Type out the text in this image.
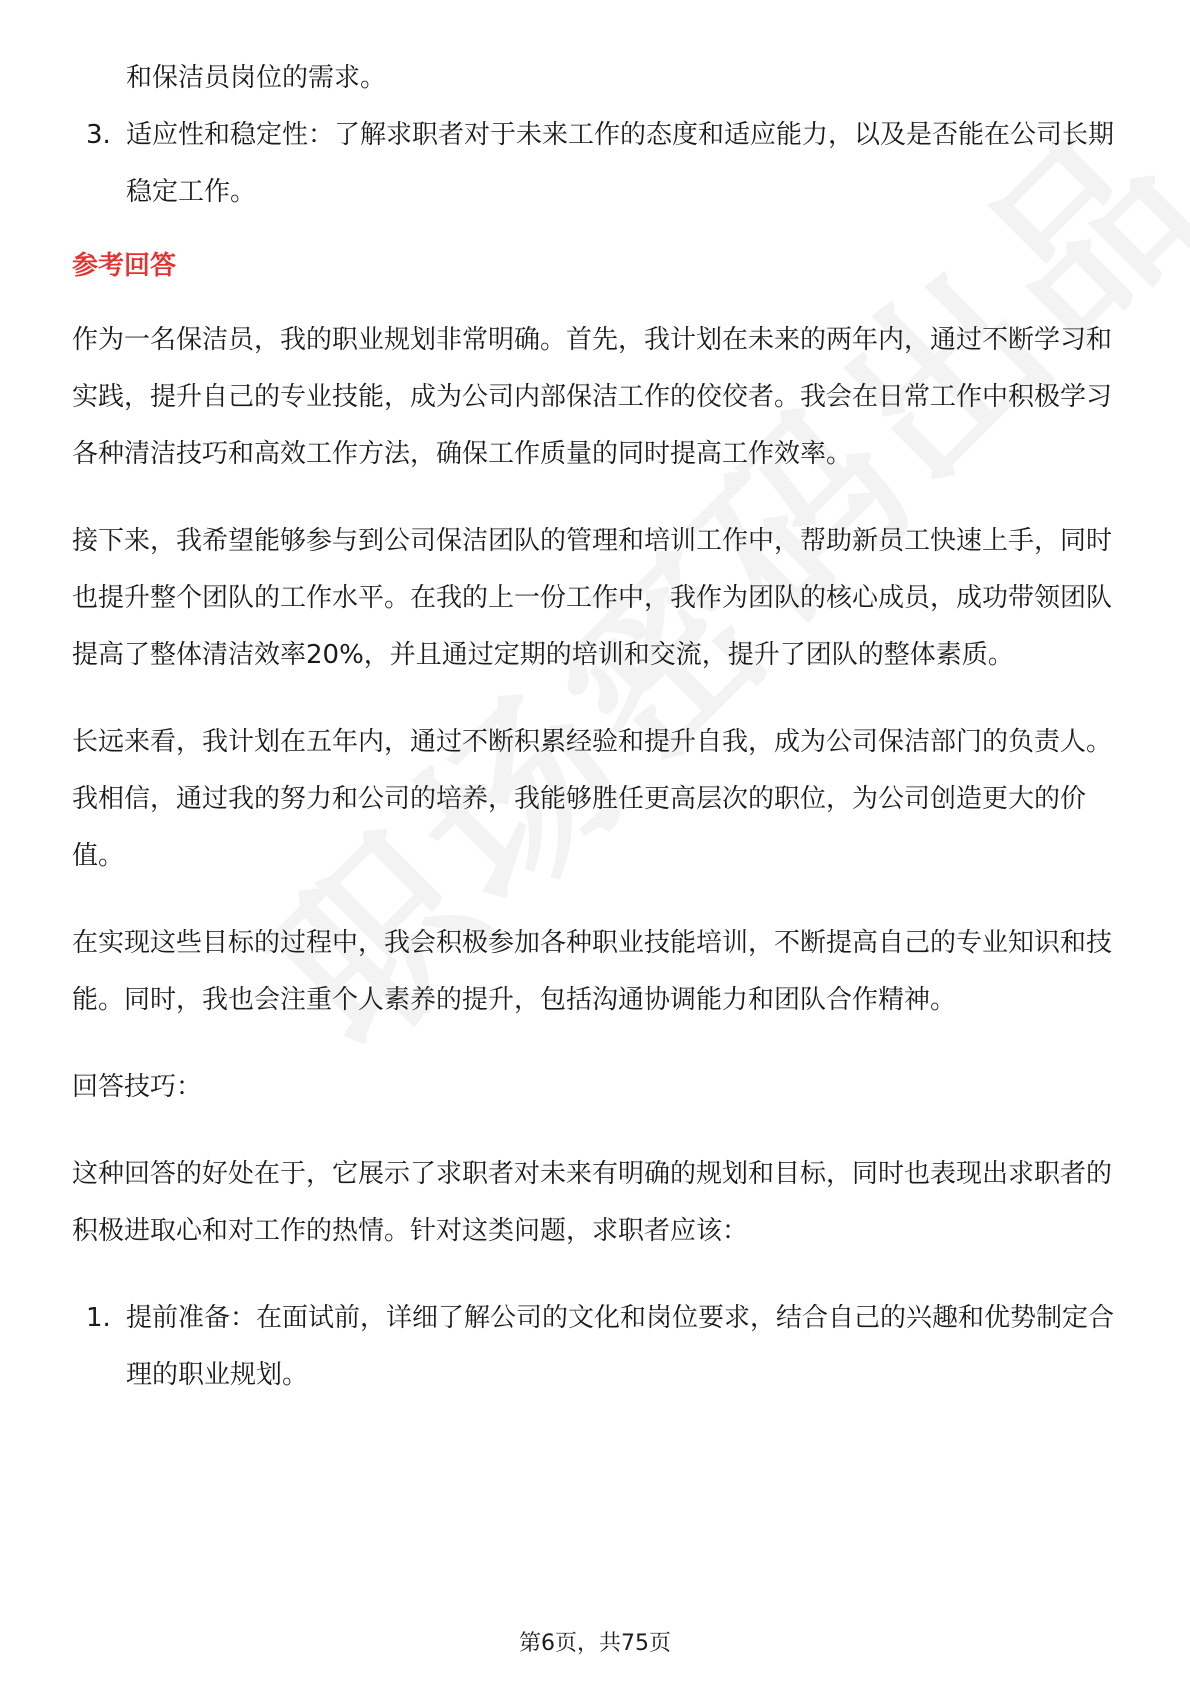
和保洁员岗位的需求。

3. 适应性和稳定性：了解求职者对于未来工作的态度和适应能力，以及是否能在公司长期稳定工作。

参考回答

作为一名保洁员，我的职业规划非常明确。首先，我计划在未来的两年内，通过不断学习和实践，提升自己的专业技能，成为公司内部保洁工作的佼佼者。我会在日常工作中积极学习各种清洁技巧和高效工作方法，确保工作质量的同时提高工作效率。

接下来，我希望能够参与到公司保洁团队的管理和培训工作中，帮助新员工快速上手，同时也提升整个团队的工作水平。在我的上一份工作中，我作为团队的核心成员，成功带领团队提高了整体清洁效率20%，并且通过定期的培训和交流，提升了团队的整体素质。

长远来看，我计划在五年内，通过不断积累经验和提升自我，成为公司保洁部门的负责人。我相信，通过我的努力和公司的培养，我能够胜任更高层次的职位，为公司创造更大的价值。

在实现这些目标的过程中，我会积极参加各种职业技能培训，不断提高自己的专业知识和技能。同时，我也会注重个人素养的提升，包括沟通协调能力和团队合作精神。

回答技巧：

这种回答的好处在于，它展示了求职者对未来有明确的规划和目标，同时也表现出求职者的积极进取心和对工作的热情。针对这类问题，求职者应该：

1. 提前准备：在面试前，详细了解公司的文化和岗位要求，结合自己的兴趣和优势制定合理的职业规划。

第6页，共75页
